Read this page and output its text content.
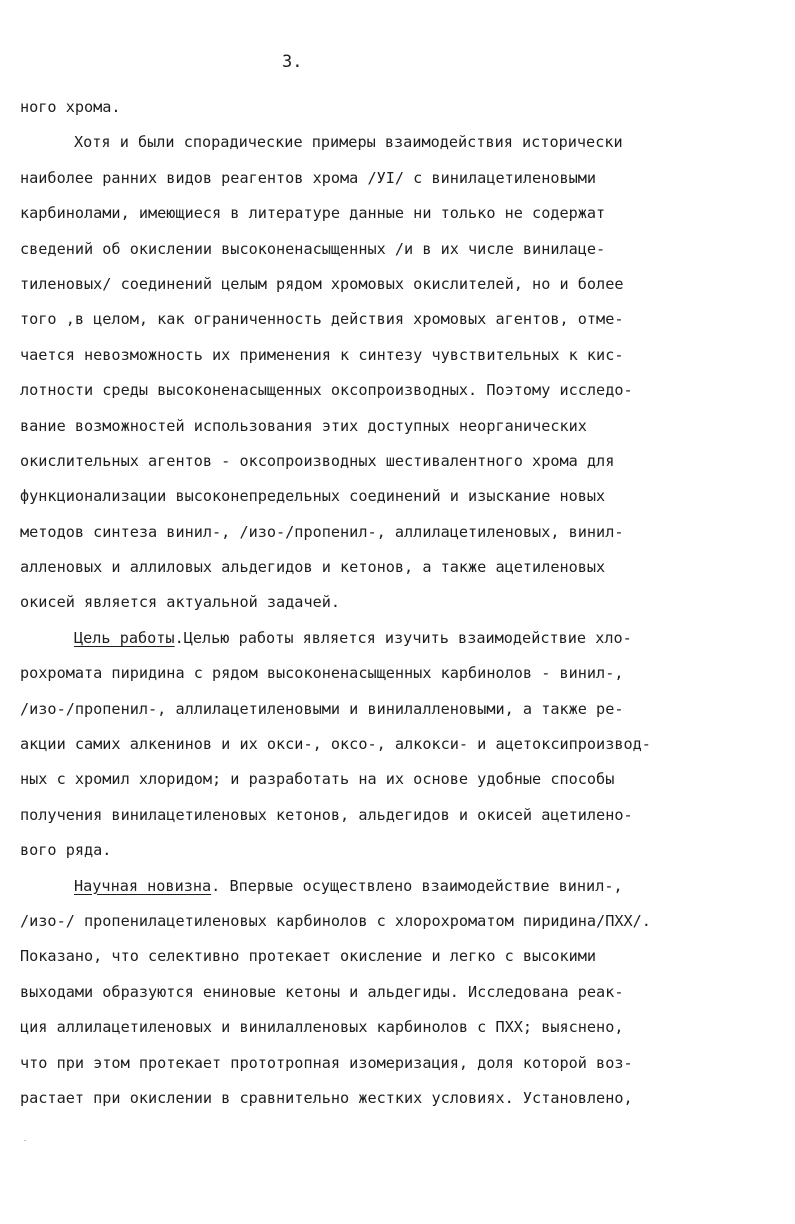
3.
ного хрома.
Хотя и были спорадические примеры взаимодействия исторически
наиболее ранних видов реагентов хрома /УI/ с винилацетиленовыми
карбинолами, имеющиеся в литературе данные ни только не содержат
сведений об окислении высоконенасыщенных /и в их числе винилаце-
тиленовых/ соединений целым рядом хромовых окислителей, но и более
того ,в целом, как ограниченность действия хромовых агентов, отме-
чается невозможность их применения к синтезу чувствительных к кис-
лотности среды высоконенасыщенных оксопроизводных. Поэтому исследо-
вание возможностей использования этих доступных неорганических
окислительных агентов - оксопроизводных шестивалентного хрома для
функционализации высоконепредельных соединений и изыскание новых
методов синтеза винил-, /изо-/пропенил-, аллилацетиленовых, винил-
алленовых и аллиловых альдегидов и кетонов, а также ацетиленовых
окисей является актуальной задачей.
Цель работы.Целью работы является изучить взаимодействие хло-
рохромата пиридина с рядом высоконенасыщенных карбинолов - винил-,
/изо-/пропенил-, аллилацетиленовыми и винилалленовыми, а также ре-
акции самих алкенинов и их окси-, оксо-, алкокси- и ацетоксипроизвод-
ных с хромил хлоридом; и разработать на их основе удобные способы
получения винилацетиленовых кетонов, альдегидов и окисей ацетилено-
вого ряда.
Научная новизна. Впервые осуществлено взаимодействие винил-,
/изо-/ пропенилацетиленовых карбинолов с хлорохроматом пиридина/ПХХ/.
Показано, что селективно протекает окисление и легко с высокими
выходами образуются ениновые кетоны и альдегиды. Исследована реак-
ция аллилацетиленовых и винилалленовых карбинолов с ПХХ; выяснено,
что при этом протекает прототропная изомеризация, доля которой воз-
растает при окислении в сравнительно жестких условиях. Установлено,
